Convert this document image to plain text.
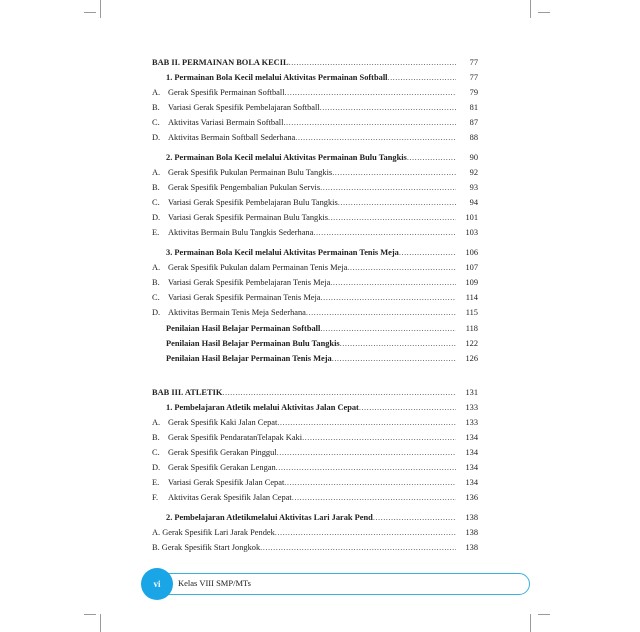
BAB II. PERMAINAN BOLA KECIL .....	77
1. Permainan Bola Kecil melalui Aktivitas Permainan Softball .....	77
A. Gerak Spesifik Permainan Softball .....	79
B. Variasi Gerak Spesifik Pembelajaran Softball .....	81
C. Aktivitas Variasi Bermain Softball .....	87
D. Aktivitas Bermain Softball Sederhana .....	88
2. Permainan Bola Kecil melalui Aktivitas Permainan Bulu Tangkis .....	90
A. Gerak Spesifik Pukulan Permainan Bulu Tangkis .....	92
B. Gerak Spesifik Pengembalian Pukulan Servis .....	93
C. Variasi Gerak Spesifik Pembelajaran Bulu Tangkis .....	94
D. Variasi Gerak Spesifik Permainan Bulu Tangkis .....	101
E.	Aktivitas Bermain Bulu Tangkis Sederhana .....	103
3. Permainan Bola Kecil melalui Aktivitas Permainan Tenis Meja .....	106
A. Gerak Spesifik Pukulan dalam Permainan Tenis Meja .....	107
B. Variasi Gerak Spesifik Pembelajaran Tenis Meja .....	109
C. Variasi Gerak Spesifik Permainan Tenis Meja .....	114
D. Aktivitas Bermain Tenis Meja Sederhana .....	115
Penilaian Hasil Belajar Permainan Softball .....	118
Penilaian Hasil Belajar Permainan Bulu Tangkis .....	122
Penilaian Hasil Belajar Permainan Tenis Meja .....	126
BAB III. ATLETIK .....	131
1. Pembelajaran Atletik melalui Aktivitas Jalan Cepat .....	133
A. Gerak Spesifik Kaki Jalan Cepat .....	133
B. Gerak Spesifik PendaratanTelapak Kaki .....	134
C. Gerak Spesifik Gerakan Pinggul .....	134
D. Gerak Spesifik Gerakan Lengan .....	134
E.	Variasi Gerak Spesifik Jalan Cepat .....	134
F.	Aktivitas Gerak Spesifik Jalan Cepat .....	136
2. Pembelajaran Atletikmelalui Aktivitas Lari Jarak Pend .....	138
A. Gerak Spesifik Lari Jarak Pendek .....	138
B. Gerak Spesifik Start Jongkok .....	138
vi Kelas VIII SMP/MTs
